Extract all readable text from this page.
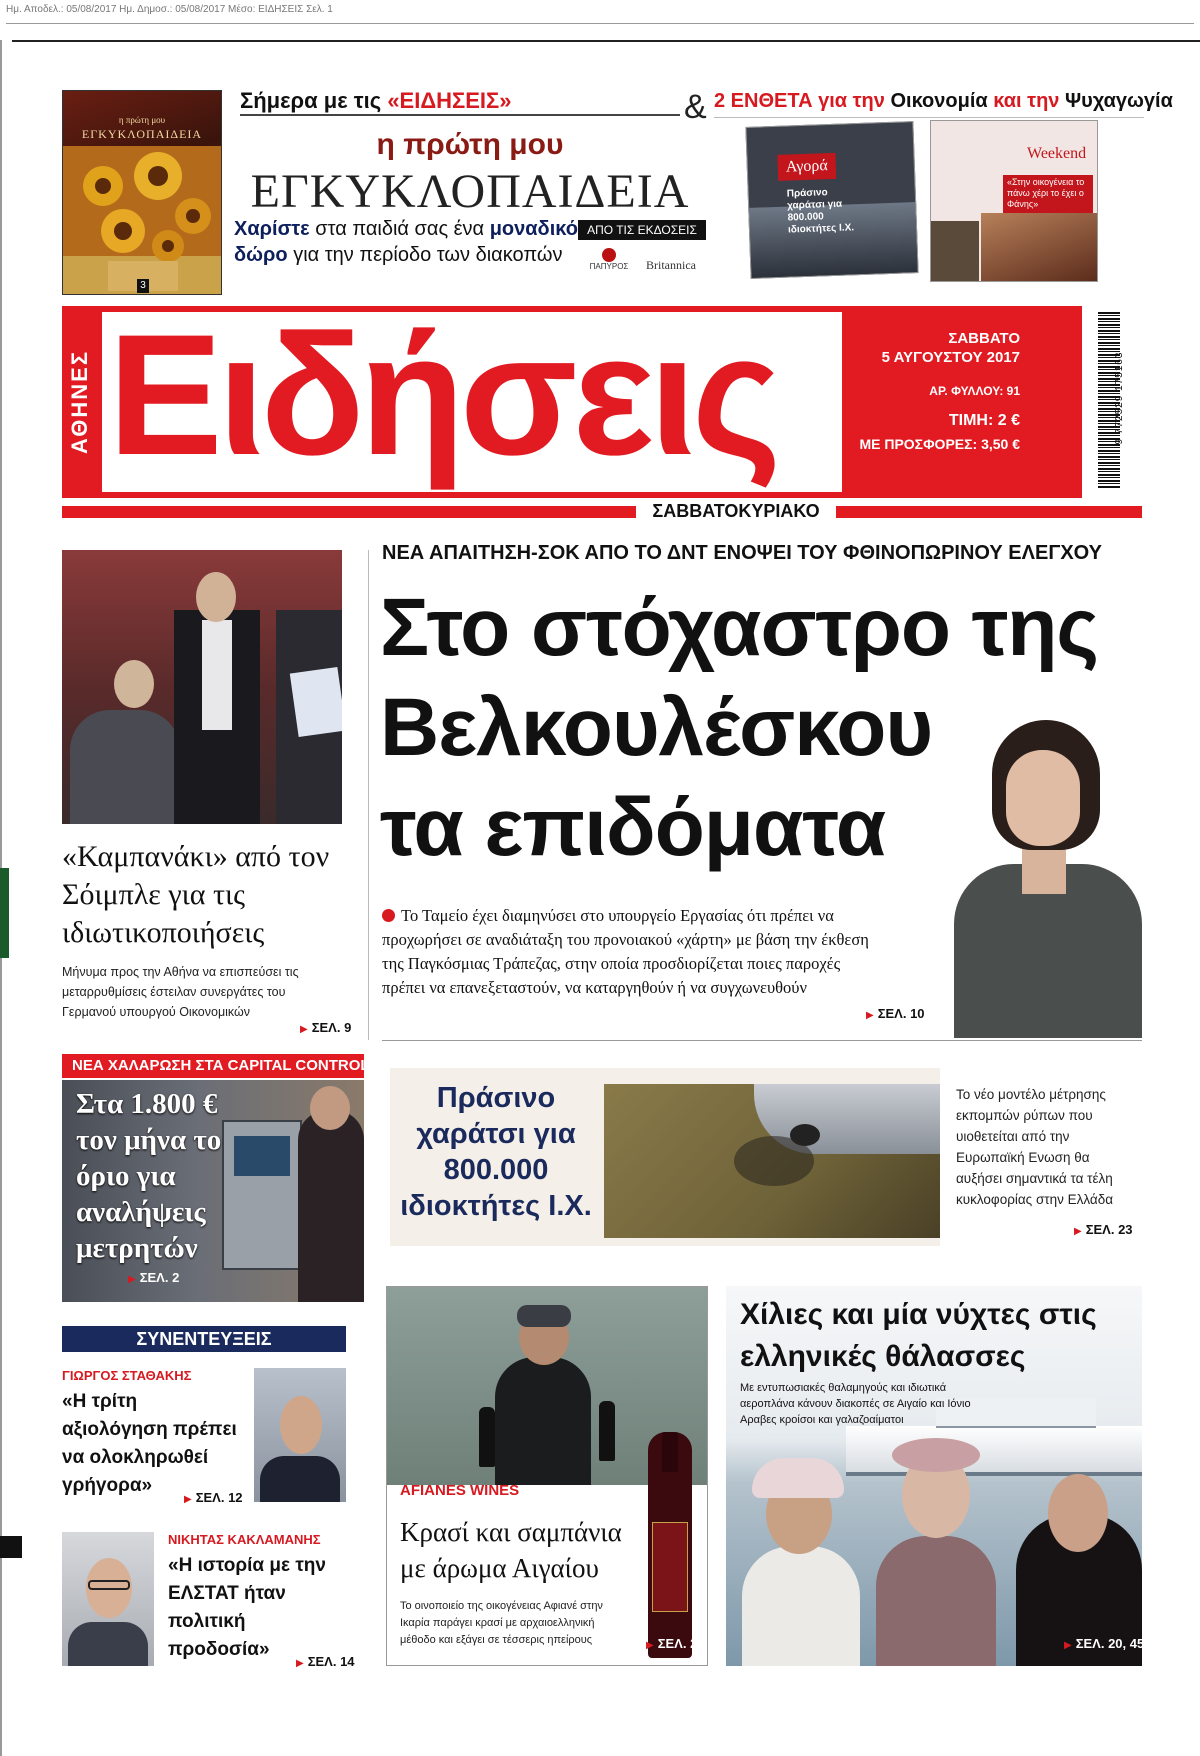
Ημ. Αποδελ.: 05/08/2017 Ημ. Δημοσ.: 05/08/2017 Μέσο: ΕΙΔΗΣΕΙΣ Σελ. 1
η πρώτη μου
ΕΓΚΥΚΛΟΠΑΙΔΕΙΑ
3
Σήμερα με τις «ΕΙΔΗΣΕΙΣ»	& 2 ΕΝΘΕΤΑ για την Οικονομία και την Ψυχαγωγία
η πρώτη μου
ΕΓΚΥΚΛΟΠΑΙΔΕΙΑ
Χαρίστε στα παιδιά σας ένα μοναδικό ΑΠΟ ΤΙΣ ΕΚΔΟΣΕΙΣ
δώρο για την περίοδο των διακοπών
ΠΑΠΥΡΟΣ	Britannica
Αγορά
Πράσινο χαράτσι για 800.000 ιδιοκτήτες Ι.Χ.
Weekend
«Στην οικογένεια το πάνω χέρι το έχει ο Φάνης»
ΑΘΗΝΕΣ Ειδήσεις	ΣΑΒΒΑΤΟ
5 ΑΥΓΟΥΣΤΟΥ 2017
ΑΡ. ΦΥΛΛΟΥ: 91
ΤΙΜΗ: 2 €
ΜΕ ΠΡΟΣΦΟΡΕΣ: 3,50 €	9 772529 175163
ΣΑΒΒΑΤΟΚΥΡΙΑΚΟ
«Καμπανάκι» από τον Σόιμπλε για τις ιδιωτικοποιήσεις
Μήνυμα προς την Αθήνα να επισπεύσει τις μεταρρυθμίσεις έστειλαν συνεργάτες του Γερμανού υπουργού Οικονομικών
▶ ΣΕΛ. 9
ΝΕΑ ΧΑΛΑΡΩΣΗ ΣΤΑ CAPITAL CONTROLS
Στα 1.800 € τον μήνα το όριο για αναλήψεις μετρητών
▶ ΣΕΛ. 2
ΣΥΝΕΝΤΕΥΞΕΙΣ
ΓΙΩΡΓΟΣ ΣΤΑΘΑΚΗΣ
«Η τρίτη αξιολόγηση πρέπει να ολοκληρωθεί γρήγορα»
▶ ΣΕΛ. 12
ΝΙΚΗΤΑΣ ΚΑΚΛΑΜΑΝΗΣ
«Η ιστορία με την ΕΛΣΤΑΤ ήταν πολιτική προδοσία»
▶ ΣΕΛ. 14
ΝΕΑ ΑΠΑΙΤΗΣΗ-ΣΟΚ ΑΠΟ ΤΟ ΔΝΤ ΕΝΟΨΕΙ ΤΟΥ ΦΘΙΝΟΠΩΡΙΝΟΥ ΕΛΕΓΧΟΥ
Στο στόχαστρο της
Βελκουλέσκου
τα επιδόματα
Το Ταμείο έχει διαμηνύσει στο υπουργείο Εργασίας ότι πρέπει να προχωρήσει σε αναδιάταξη του προνοιακού «χάρτη» με βάση την έκθεση της Παγκόσμιας Τράπεζας, στην οποία προσδιορίζεται ποιες παροχές πρέπει να επανεξεταστούν, να καταργηθούν ή να συγχωνευθούν
▶ ΣΕΛ. 10
Πράσινο χαράτσι για 800.000 ιδιοκτήτες Ι.Χ.
Το νέο μοντέλο μέτρησης εκπομπών ρύπων που υιοθετείται από την Ευρωπαϊκή Ενωση θα αυξήσει σημαντικά τα τέλη κυκλοφορίας στην Ελλάδα
▶ ΣΕΛ. 23
AFIANES WINES
Κρασί και σαμπάνια με άρωμα Αιγαίου
Το οινοποιείο της οικογένειας Αφιανέ στην Ικαρία παράγει κρασί με αρχαιοελληνική μέθοδο και εξάγει σε τέσσερις ηπείρους	▶ ΣΕΛ. 25
Χίλιες και μία νύχτες στις ελληνικές θάλασσες
Με εντυπωσιακές θαλαμηγούς και ιδιωτικά αεροπλάνα κάνουν διακοπές σε Αιγαίο και Ιόνιο Αραβες κροίσοι και γαλαζοαίματοι
▶ ΣΕΛ. 20, 45
